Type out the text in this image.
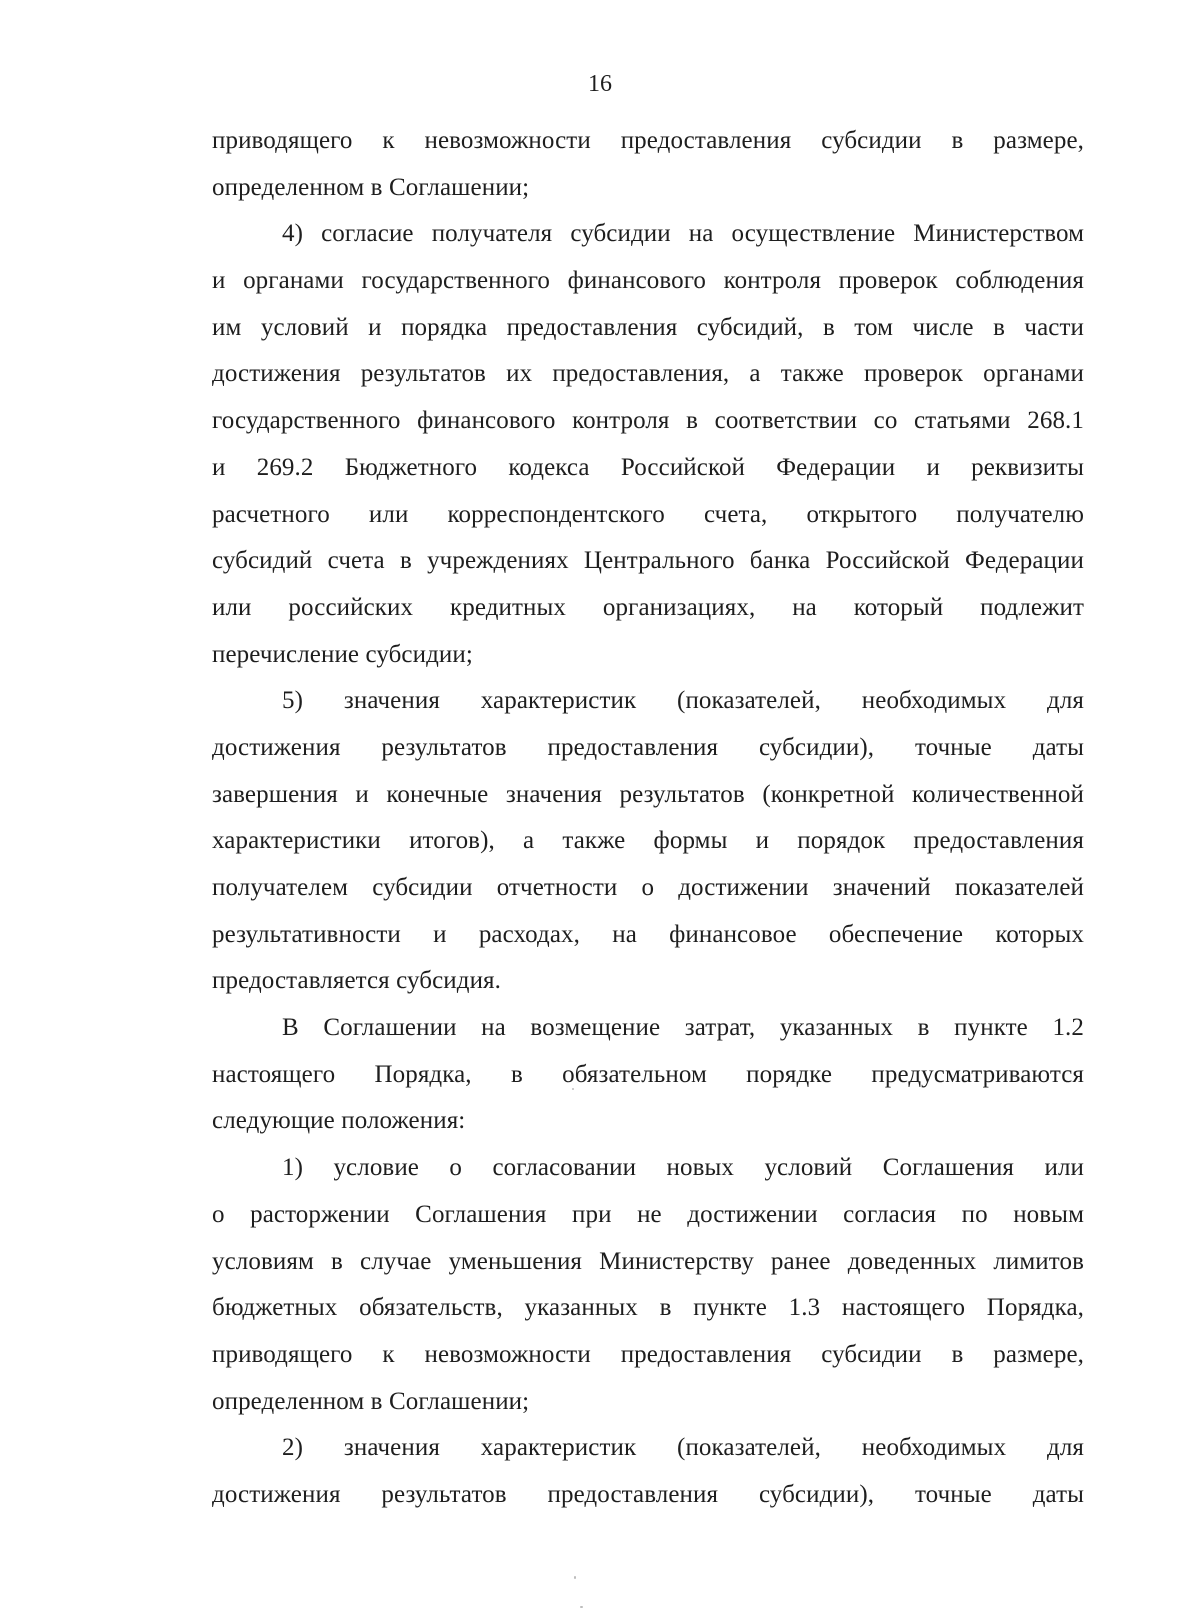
16
приводящего к невозможности предоставления субсидии в размере,
определенном в Соглашении;
4) согласие получателя субсидии на осуществление Министерством
и органами государственного финансового контроля проверок соблюдения
им условий и порядка предоставления субсидий, в том числе в части
достижения результатов их предоставления, а также проверок органами
государственного финансового контроля в соответствии со статьями 268.1
и 269.2 Бюджетного кодекса Российской Федерации и реквизиты
расчетного или корреспондентского счета, открытого получателю
субсидий счета в учреждениях Центрального банка Российской Федерации
или российских кредитных организациях, на который подлежит
перечисление субсидии;
5) значения характеристик (показателей, необходимых для
достижения результатов предоставления субсидии), точные даты
завершения и конечные значения результатов (конкретной количественной
характеристики итогов), а также формы и порядок предоставления
получателем субсидии отчетности о достижении значений показателей
результативности и расходах, на финансовое обеспечение которых
предоставляется субсидия.
В Соглашении на возмещение затрат, указанных в пункте 1.2
настоящего Порядка, в обязательном порядке предусматриваются
следующие положения:
1) условие о согласовании новых условий Соглашения или
о расторжении Соглашения при не достижении согласия по новым
условиям в случае уменьшения Министерству ранее доведенных лимитов
бюджетных обязательств, указанных в пункте 1.3 настоящего Порядка,
приводящего к невозможности предоставления субсидии в размере,
определенном в Соглашении;
2) значения характеристик (показателей, необходимых для
достижения результатов предоставления субсидии), точные даты
